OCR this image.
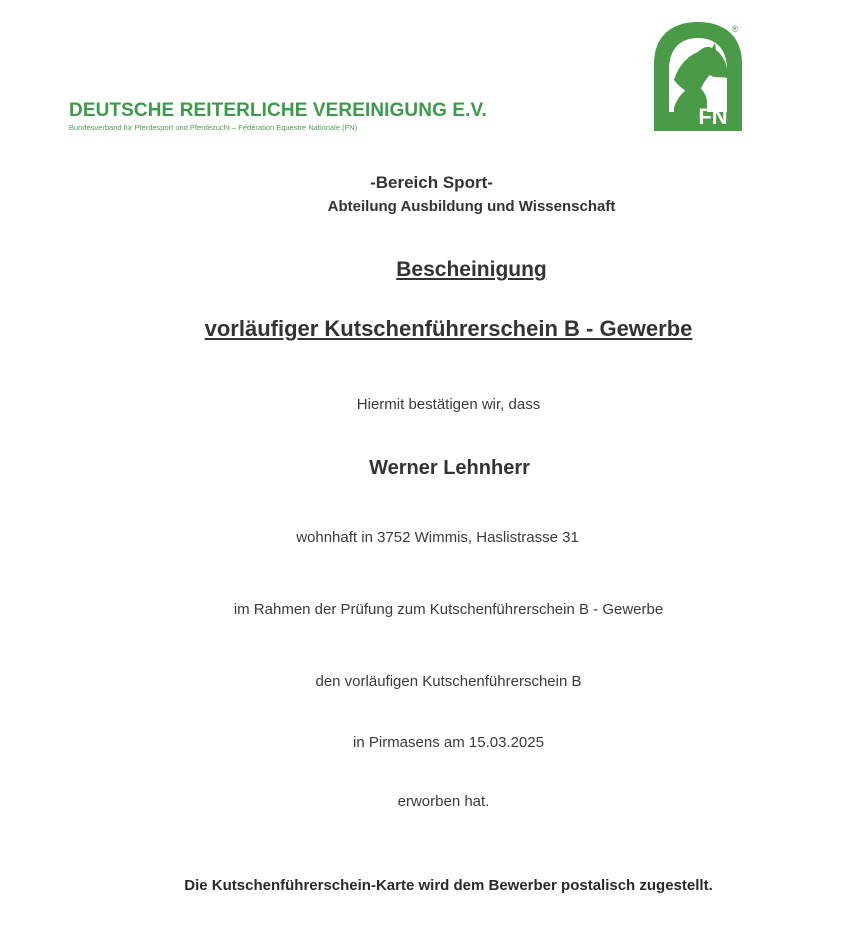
DEUTSCHE REITERLICHE VEREINIGUNG E.V.
Bundesverband für Pferdesport und Pferdezucht – Fédération Equestre Nationale (FN)	FN
®
-Bereich Sport-
Abteilung Ausbildung und Wissenschaft
Bescheinigung
vorläufiger Kutschenführerschein B - Gewerbe
Hiermit bestätigen wir, dass
Werner Lehnherr
wohnhaft in 3752 Wimmis, Haslistrasse 31
im Rahmen der Prüfung zum Kutschenführerschein B - Gewerbe
den vorläufigen Kutschenführerschein B
in Pirmasens am 15.03.2025
erworben hat.
Die Kutschenführerschein-Karte wird dem Bewerber postalisch zugestellt.
